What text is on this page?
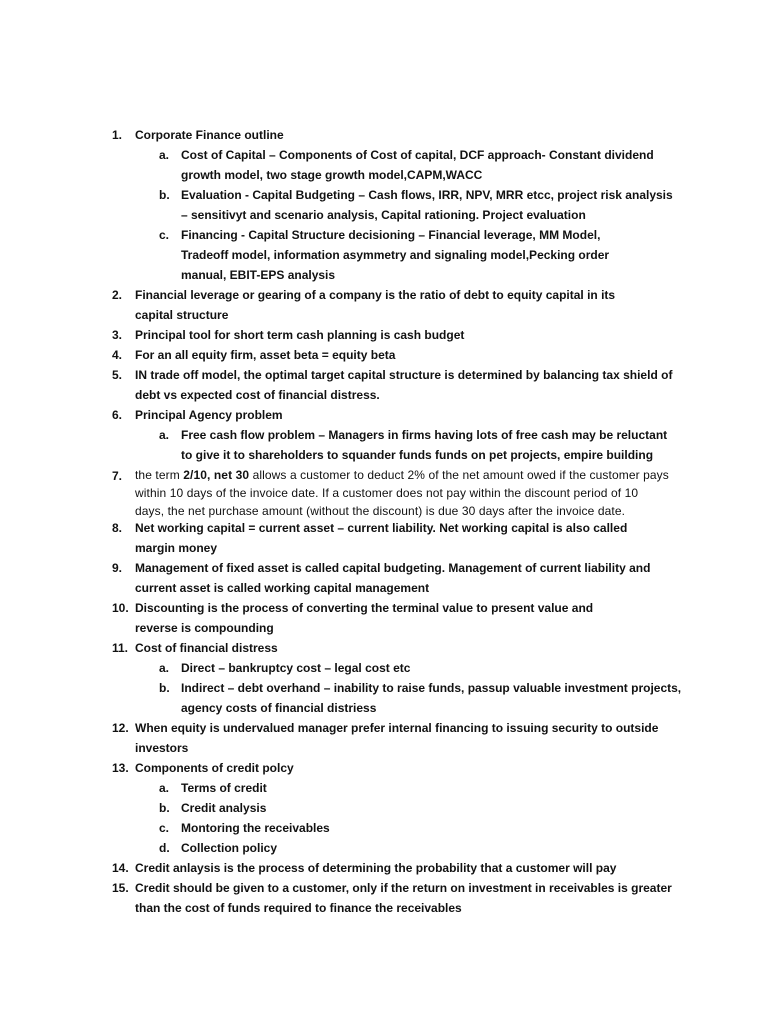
1.	Corporate Finance outline
a. Cost of Capital – Components of Cost of capital, DCF approach- Constant dividend growth model, two stage growth model,CAPM,WACC
b. Evaluation - Capital Budgeting – Cash flows, IRR, NPV, MRR etcc, project risk analysis – sensitivyt and scenario analysis, Capital rationing. Project evaluation
c. Financing - Capital Structure decisioning – Financial leverage, MM Model, Tradeoff model, information asymmetry and signaling model,Pecking order manual, EBIT-EPS analysis
2.	Financial leverage or gearing of a company is the ratio of debt to equity capital in its capital structure
3.	Principal tool for short term cash planning is cash budget
4.	For an all equity firm, asset beta = equity beta
5.	IN trade off model, the optimal target capital structure is determined by balancing tax shield of debt vs expected cost of financial distress.
6.	Principal Agency problem
a. Free cash flow problem – Managers in firms having lots of free cash may be reluctant to give it to shareholders to squander funds funds on pet projects, empire building
7.	the term 2/10, net 30 allows a customer to deduct 2% of the net amount owed if the customer pays within 10 days of the invoice date. If a customer does not pay within the discount period of 10 days, the net purchase amount (without the discount) is due 30 days after the invoice date.
8.	Net working capital = current asset – current liability. Net working capital is also called margin money
9.	Management of fixed asset is called capital budgeting. Management of current liability and current asset is called working capital management
10. Discounting is the process of converting the terminal value to present value and reverse is compounding
11. Cost of financial distress
a. Direct – bankruptcy cost – legal cost etc
b. Indirect – debt overhand – inability to raise funds, passup valuable investment projects, agency costs of financial distriess
12. When equity is undervalued manager prefer internal financing to issuing security to outside investors
13. Components of credit polcy
a. Terms of credit
b. Credit analysis
c. Montoring the receivables
d. Collection policy
14. Credit anlaysis is the process of determining the probability that a customer will pay
15. Credit should be given to a customer, only if the return on investment in receivables is greater than the cost of funds required to finance the receivables
